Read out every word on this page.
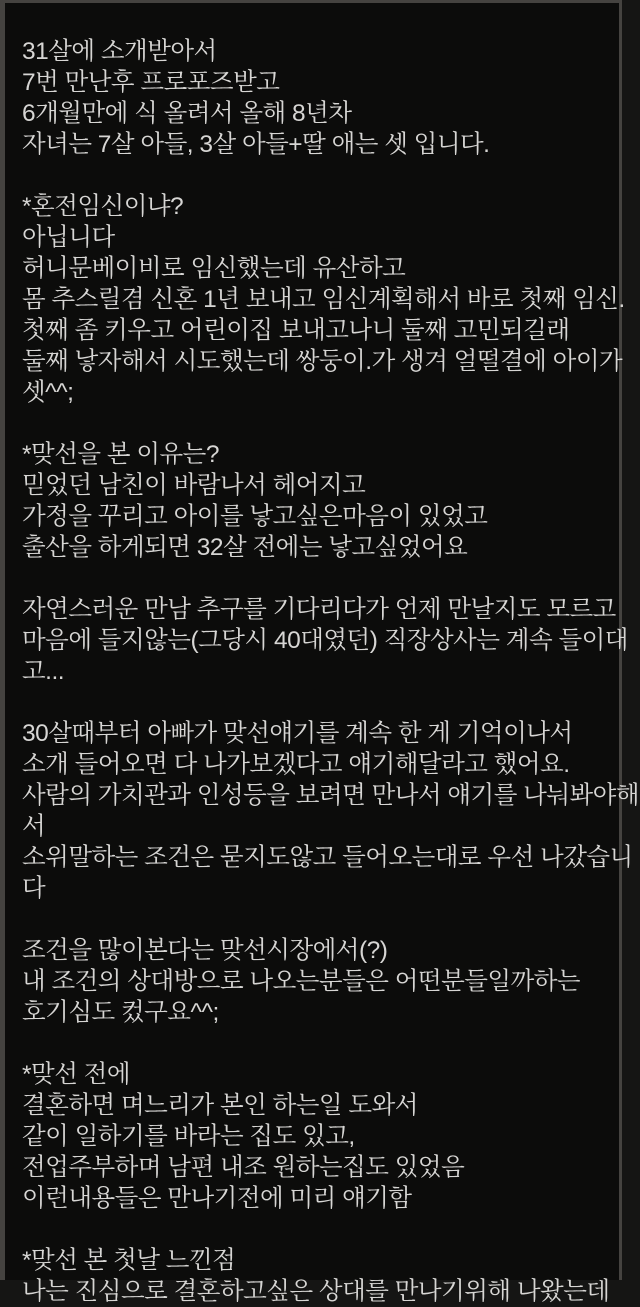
31살에 소개받아서
7번 만난후 프로포즈받고
6개월만에 식 올려서 올해 8년차
자녀는 7살 아들, 3살 아들+딸 애는 셋 입니다.
*혼전임신이냐?
아닙니다
허니문베이비로 임신했는데 유산하고
몸 추스릴겸 신혼 1년 보내고 임신계획해서 바로 첫째 임신.
첫째 좀 키우고 어린이집 보내고나니 둘째 고민되길래
둘째 낳자해서 시도했는데 쌍둥이.가 생겨 얼떨결에 아이가
셋^^;
*맞선을 본 이유는?
믿었던 남친이 바람나서 헤어지고
가정을 꾸리고 아이를 낳고싶은마음이 있었고
출산을 하게되면 32살 전에는 낳고싶었어요
자연스러운 만남 추구를 기다리다가 언제 만날지도 모르고
마음에 들지않는(그당시 40대였던) 직장상사는 계속 들이대
고...
30살때부터 아빠가 맞선얘기를 계속 한 게 기억이나서
소개 들어오면 다 나가보겠다고 얘기해달라고 했어요.
사람의 가치관과 인성등을 보려면 만나서 얘기를 나눠봐야해
서
소위말하는 조건은 묻지도않고 들어오는대로 우선 나갔습니
다
조건을 많이본다는 맞선시장에서(?)
내 조건의 상대방으로 나오는분들은 어떤분들일까하는
호기심도 컸구요^^;
*맞선 전에
결혼하면 며느리가 본인 하는일 도와서
같이 일하기를 바라는 집도 있고,
전업주부하며 남편 내조 원하는집도 있었음
이런내용들은 만나기전에 미리 얘기함
*맞선 본 첫날 느낀점
나는 진심으로 결혼하고싶은 상대를 만나기위해 나왔는데
